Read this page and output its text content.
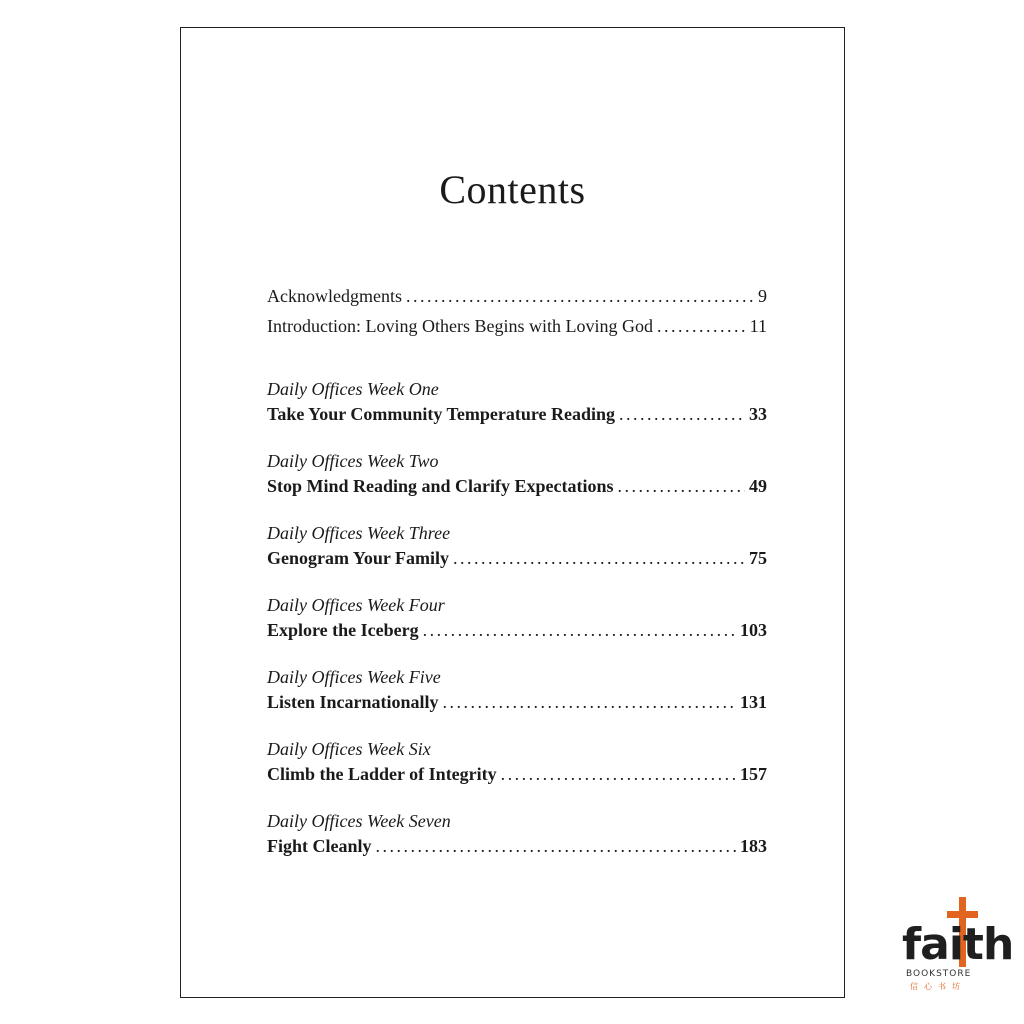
Contents
Acknowledgments . . .	9
Introduction: Loving Others Begins with Loving God . . .	11
Daily Offices Week One
Take Your Community Temperature Reading . . .	33
Daily Offices Week Two
Stop Mind Reading and Clarify Expectations . . .	49
Daily Offices Week Three
Genogram Your Family . . .	75
Daily Offices Week Four
Explore the Iceberg . . .	103
Daily Offices Week Five
Listen Incarnationally . . .	131
Daily Offices Week Six
Climb the Ladder of Integrity . . .	157
Daily Offices Week Seven
Fight Cleanly . . .	183
faith
BOOKSTORE
信心书坊
